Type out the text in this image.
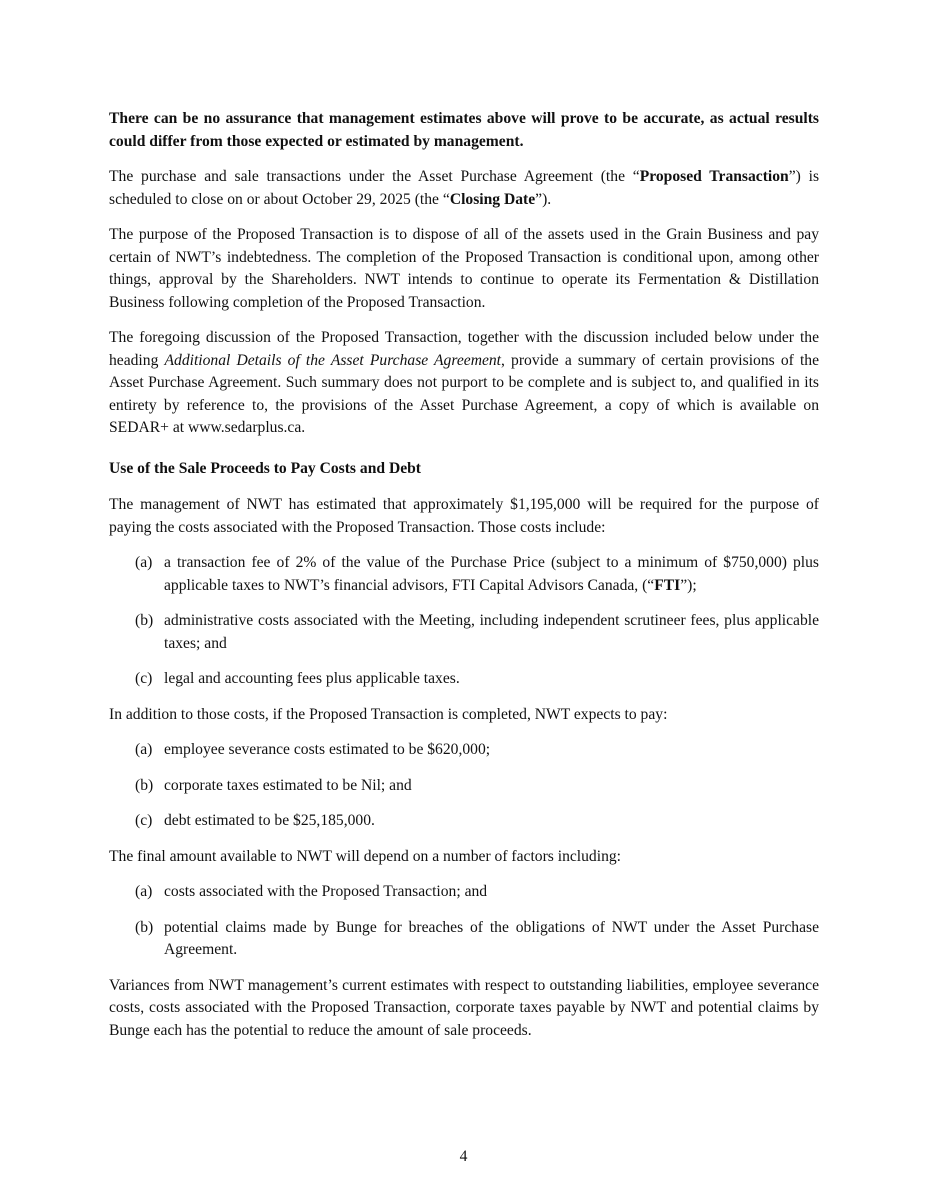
There can be no assurance that management estimates above will prove to be accurate, as actual results could differ from those expected or estimated by management.

The purchase and sale transactions under the Asset Purchase Agreement (the “Proposed Transaction”) is scheduled to close on or about October 29, 2025 (the “Closing Date”).

The purpose of the Proposed Transaction is to dispose of all of the assets used in the Grain Business and pay certain of NWT’s indebtedness. The completion of the Proposed Transaction is conditional upon, among other things, approval by the Shareholders. NWT intends to continue to operate its Fermentation & Distillation Business following completion of the Proposed Transaction.

The foregoing discussion of the Proposed Transaction, together with the discussion included below under the heading Additional Details of the Asset Purchase Agreement, provide a summary of certain provisions of the Asset Purchase Agreement. Such summary does not purport to be complete and is subject to, and qualified in its entirety by reference to, the provisions of the Asset Purchase Agreement, a copy of which is available on SEDAR+ at www.sedarplus.ca.

Use of the Sale Proceeds to Pay Costs and Debt

The management of NWT has estimated that approximately $1,195,000 will be required for the purpose of paying the costs associated with the Proposed Transaction. Those costs include:

(a) a transaction fee of 2% of the value of the Purchase Price (subject to a minimum of $750,000) plus applicable taxes to NWT’s financial advisors, FTI Capital Advisors Canada, (“FTI”);
(b) administrative costs associated with the Meeting, including independent scrutineer fees, plus applicable taxes; and
(c) legal and accounting fees plus applicable taxes.

In addition to those costs, if the Proposed Transaction is completed, NWT expects to pay:

(a) employee severance costs estimated to be $620,000;
(b) corporate taxes estimated to be Nil; and
(c) debt estimated to be $25,185,000.

The final amount available to NWT will depend on a number of factors including:

(a) costs associated with the Proposed Transaction; and
(b) potential claims made by Bunge for breaches of the obligations of NWT under the Asset Purchase Agreement.

Variances from NWT management’s current estimates with respect to outstanding liabilities, employee severance costs, costs associated with the Proposed Transaction, corporate taxes payable by NWT and potential claims by Bunge each has the potential to reduce the amount of sale proceeds.

4
